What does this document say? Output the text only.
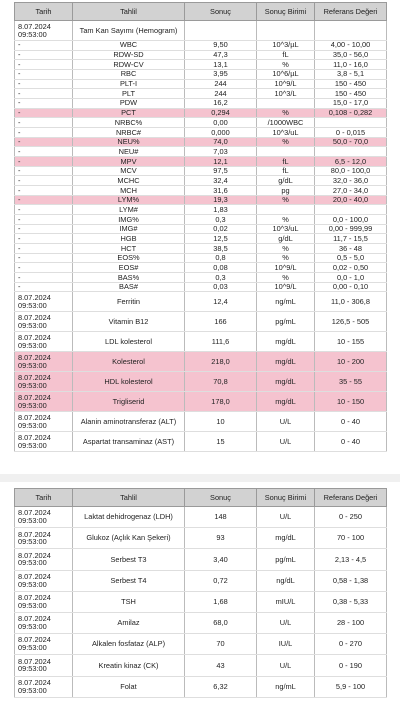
Tarih	Tahlil	Sonuç	Sonuç Birimi	Referans Değeri
8.07.2024 09:53:00	Tam Kan Sayımı (Hemogram)			
-	WBC	9,50	10^3/µL	4,00 - 10,00
-	RDW-SD	47,3	fL	35,0 - 56,0
-	RDW-CV	13,1	%	11,0 - 16,0
-	RBC	3,95	10^6/µL	3,8 - 5,1
-	PLT-I	244	10^9/L	150 - 450
-	PLT	244	10^3/L	150 - 450
-	PDW	16,2		15,0 - 17,0
-	PCT	0,294	%	0,108 - 0,282
-	NRBC%	0,00	/1000WBC	
-	NRBC#	0,000	10^3/uL	0 - 0,015
-	NEU%	74,0	%	50,0 - 70,0
-	NEU#	7,03		
-	MPV	12,1	fL	6,5 - 12,0
-	MCV	97,5	fL	80,0 - 100,0
-	MCHC	32,4	g/dL	32,0 - 36,0
-	MCH	31,6	pg	27,0 - 34,0
-	LYM%	19,3	%	20,0 - 40,0
-	LYM#	1,83		
-	IMG%	0,3	%	0,0 - 100,0
-	IMG#	0,02	10^3/uL	0,00 - 999,99
-	HGB	12,5	g/dL	11,7 - 15,5
-	HCT	38,5	%	36 - 48
-	EOS%	0,8	%	0,5 - 5,0
-	EOS#	0,08	10^9/L	0,02 - 0,50
-	BAS%	0,3	%	0,0 - 1,0
-	BAS#	0,03	10^9/L	0,00 - 0,10
8.07.2024 09:53:00	Ferritin	12,4	ng/mL	11,0 - 306,8
8.07.2024 09:53:00	Vitamin B12	166	pg/mL	126,5 - 505
8.07.2024 09:53:00	LDL kolesterol	111,6	mg/dL	10 - 155
8.07.2024 09:53:00	Kolesterol	218,0	mg/dL	10 - 200
8.07.2024 09:53:00	HDL kolesterol	70,8	mg/dL	35 - 55
8.07.2024 09:53:00	Trigliserid	178,0	mg/dL	10 - 150
8.07.2024 09:53:00	Alanin aminotransferaz (ALT)	10	U/L	0 - 40
8.07.2024 09:53:00	Aspartat transaminaz (AST)	15	U/L	0 - 40
Tarih	Tahlil	Sonuç	Sonuç Birimi	Referans Değeri
8.07.2024 09:53:00	Laktat dehidrogenaz (LDH)	148	U/L	0 - 250
8.07.2024 09:53:00	Glukoz (Açlık Kan Şekeri)	93	mg/dL	70 - 100
8.07.2024 09:53:00	Serbest T3	3,40	pg/mL	2,13 - 4,5
8.07.2024 09:53:00	Serbest T4	0,72	ng/dL	0,58 - 1,38
8.07.2024 09:53:00	TSH	1,68	mIU/L	0,38 - 5,33
8.07.2024 09:53:00	Amilaz	68,0	U/L	28 - 100
8.07.2024 09:53:00	Alkalen fosfataz (ALP)	70	IU/L	0 - 270
8.07.2024 09:53:00	Kreatin kinaz (CK)	43	U/L	0 - 190
8.07.2024 09:53:00	Folat	6,32	ng/mL	5,9 - 100
